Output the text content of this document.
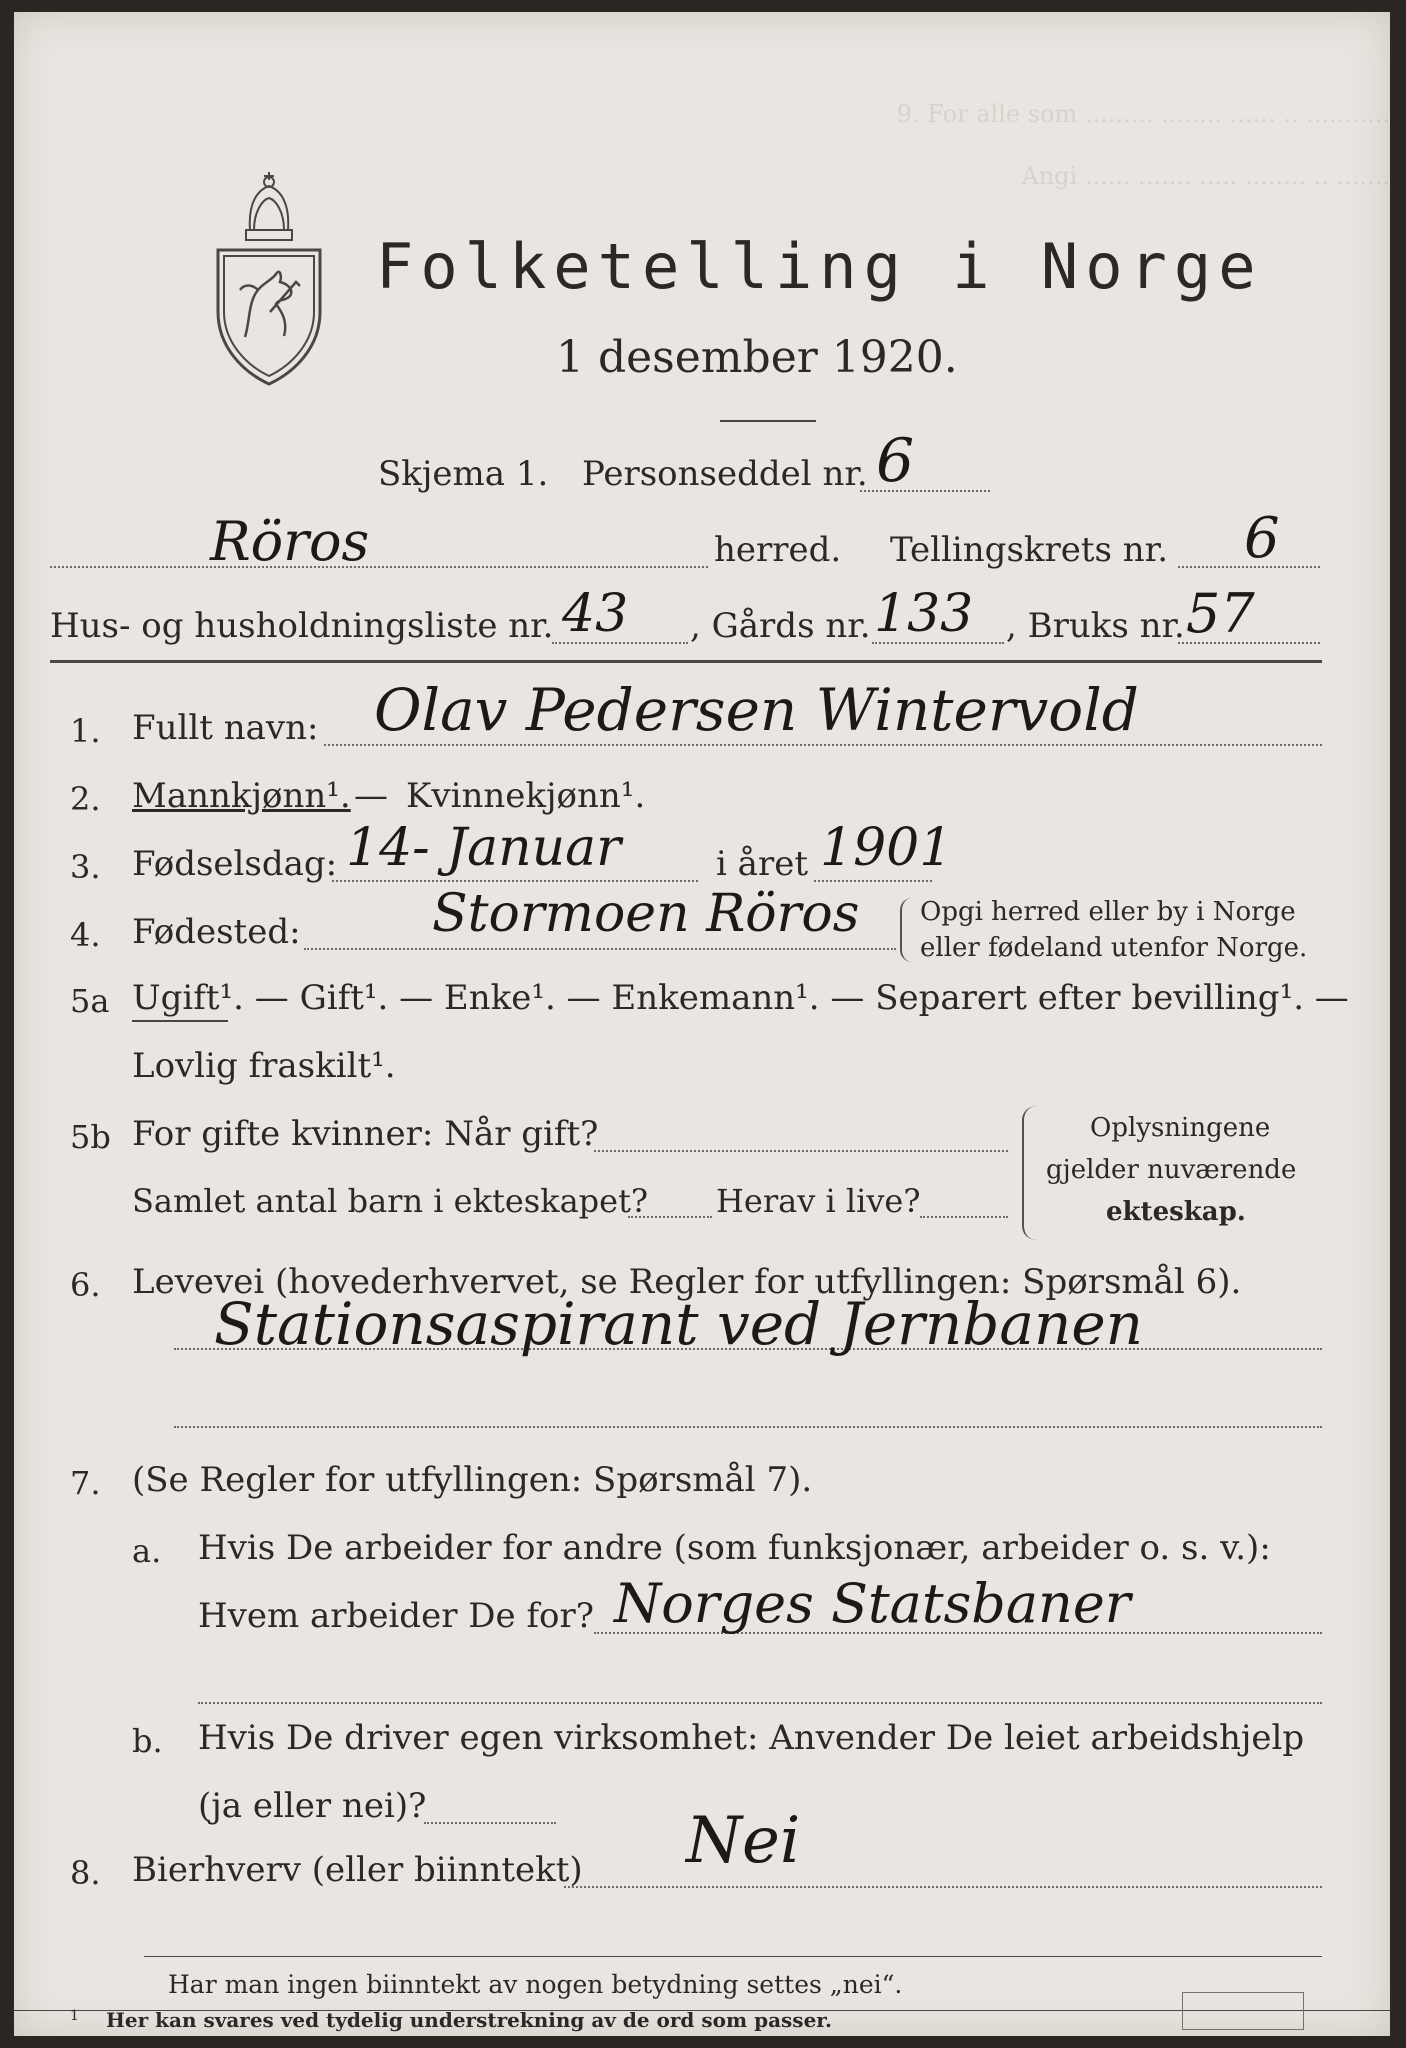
9. For alle som ......... ........ ...... .. ...........
Angi ...... ....... ..... ........ .. .......
Folketelling i Norge
1 desember 1920.
Skjema 1. Personseddel nr. 6
Röros	herred. Tellingskrets nr. 6
Hus- og husholdningsliste nr. 43 , Gårds nr. 133 , Bruks nr. 57
1. Fullt navn: Olav Pedersen Wintervold
2. Mannkjønn¹. — Kvinnekjønn¹.
3. Fødselsdag: 14- Januar	i året 1901
4. Fødested:	Stormoen Röros Opgi herred eller by i Norge
eller fødeland utenfor Norge.
5a Ugift¹. — Gift¹. — Enke¹. — Enkemann¹. — Separert efter bevilling¹. —
Lovlig fraskilt¹.
5b For gifte kvinner: Når gift?
Samlet antal barn i ekteskapet? Herav i live?
Oplysningene
gjelder nuværende
ekteskap.
6. Levevei (hovederhvervet, se Regler for utfyllingen: Spørsmål 6).
Stationsaspirant ved Jernbanen
7. (Se Regler for utfyllingen: Spørsmål 7).
a. Hvis De arbeider for andre (som funksjonær, arbeider o. s. v.):
Hvem arbeider De for? Norges Statsbaner
b. Hvis De driver egen virksomhet: Anvender De leiet arbeidshjelp
(ja eller nei)?
8. Bierhverv (eller biinntekt) Nei
Har man ingen biinntekt av nogen betydning settes „nei“.
1 Her kan svares ved tydelig understrekning av de ord som passer.
